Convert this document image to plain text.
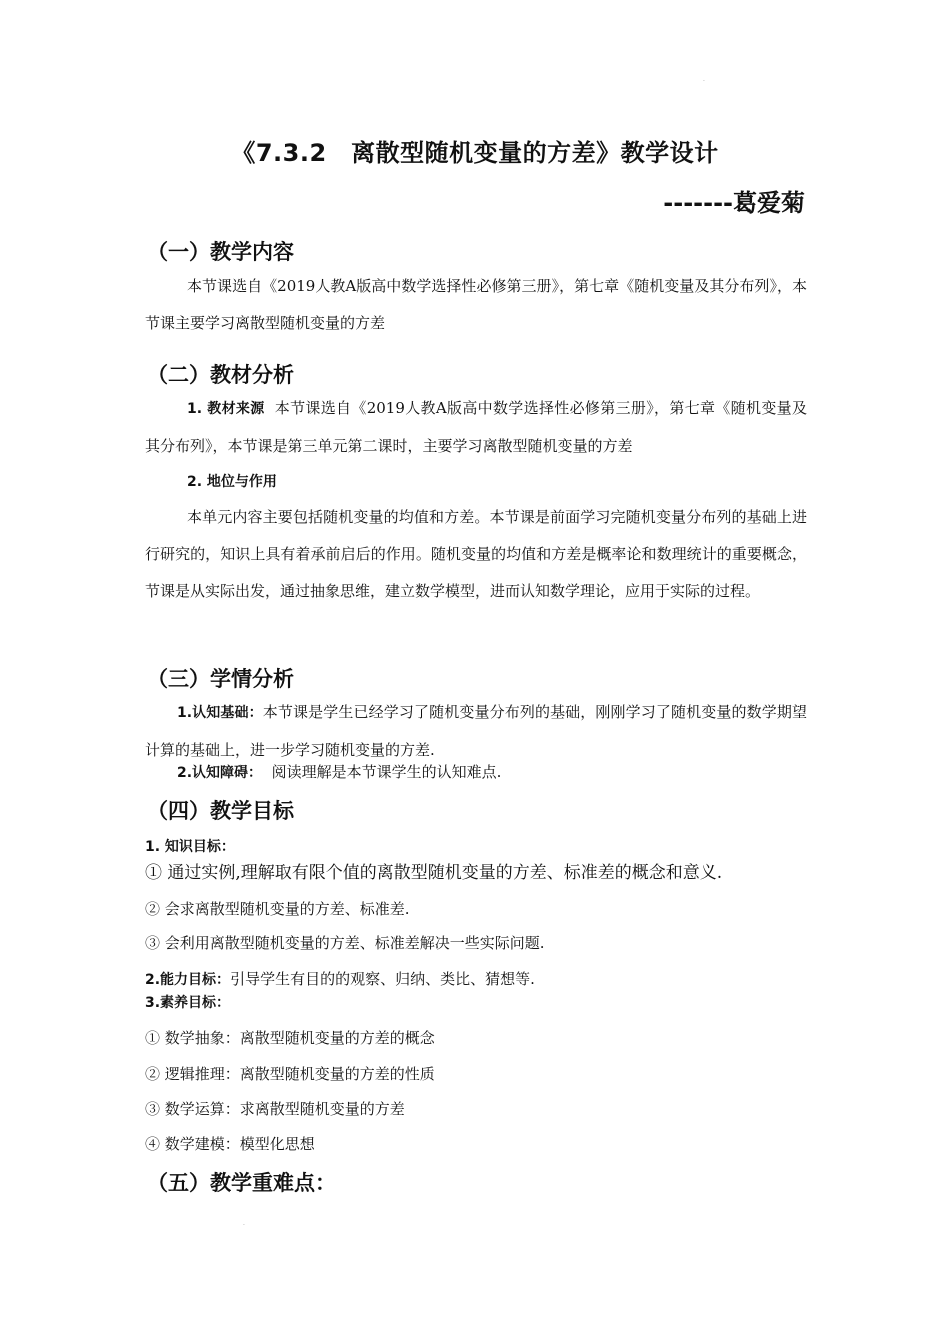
·
《7.3.2　离散型随机变量的方差》教学设计
-------葛爱菊
（一）教学内容
本节课选自《2019人教A版高中数学选择性必修第三册》，第七章《随机变量及其分布列》，本节课主要学习离散型随机变量的方差
（二）教材分析
1. 教材来源 本节课选自《2019人教A版高中数学选择性必修第三册》，第七章《随机变量及其分布列》，本节课是第三单元第二课时，主要学习离散型随机变量的方差
2. 地位与作用
本单元内容主要包括随机变量的均值和方差。本节课是前面学习完随机变量分布列的基础上进行研究的，知识上具有着承前启后的作用。随机变量的均值和方差是概率论和数理统计的重要概念，节课是从实际出发，通过抽象思维，建立数学模型，进而认知数学理论，应用于实际的过程。
（三）学情分析
1.认知基础：本节课是学生已经学习了随机变量分布列的基础，刚刚学习了随机变量的数学期望计算的基础上，进一步学习随机变量的方差.
2.认知障碍： 阅读理解是本节课学生的认知难点.
（四）教学目标
1. 知识目标：
① 通过实例,理解取有限个值的离散型随机变量的方差、标准差的概念和意义.
② 会求离散型随机变量的方差、标准差.
③ 会利用离散型随机变量的方差、标准差解决一些实际问题.
2.能力目标：引导学生有目的的观察、归纳、类比、猜想等.
3.素养目标：
① 数学抽象：离散型随机变量的方差的概念
② 逻辑推理：离散型随机变量的方差的性质
③ 数学运算：求离散型随机变量的方差
④ 数学建模：模型化思想
（五）教学重难点：
·
